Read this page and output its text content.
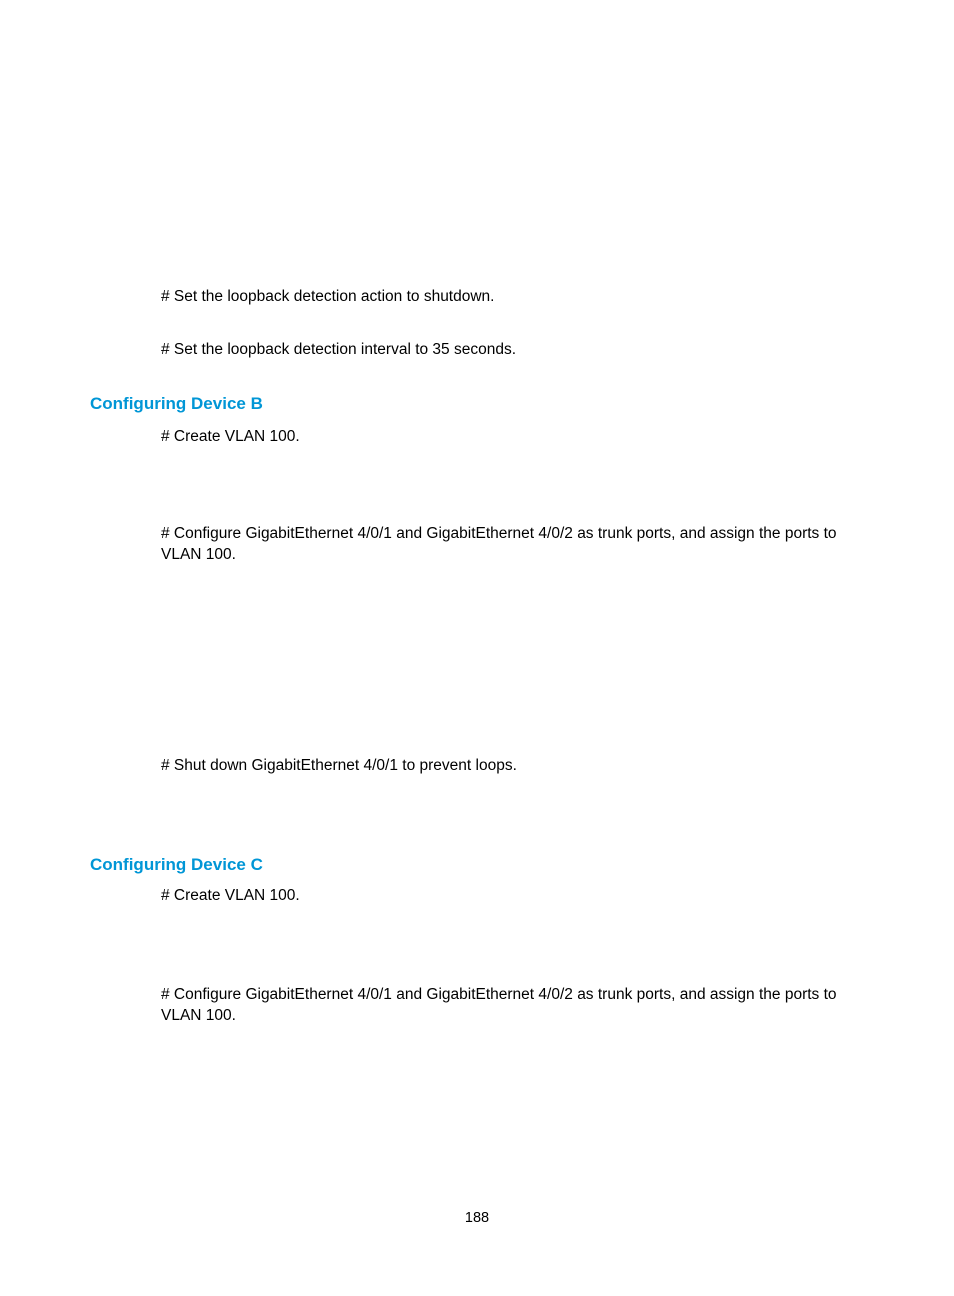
# Set the loopback detection action to shutdown.

# Set the loopback detection interval to 35 seconds.

Configuring Device B

# Create VLAN 100.

# Configure GigabitEthernet 4/0/1 and GigabitEthernet 4/0/2 as trunk ports, and assign the ports to VLAN 100.

# Shut down GigabitEthernet 4/0/1 to prevent loops.

Configuring Device C

# Create VLAN 100.

# Configure GigabitEthernet 4/0/1 and GigabitEthernet 4/0/2 as trunk ports, and assign the ports to VLAN 100.

188
